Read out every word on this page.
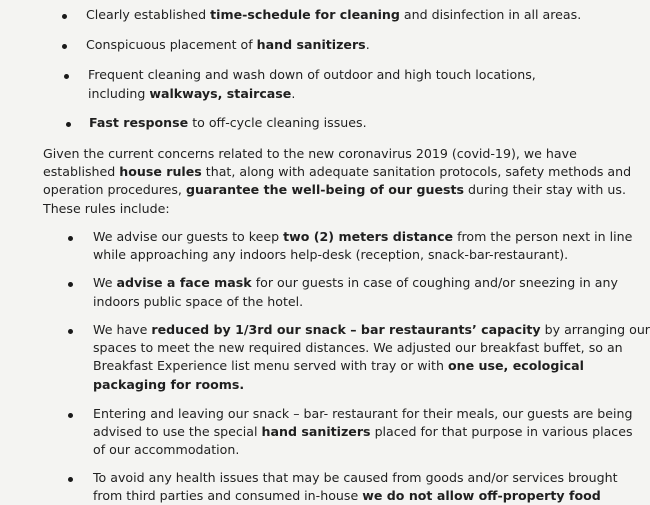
Clearly established time-schedule for cleaning and disinfection in all areas.
Conspicuous placement of hand sanitizers.
Frequent cleaning and wash down of outdoor and high touch locations,
including walkways, staircase.
Fast response to off-cycle cleaning issues.
Given the current concerns related to the new coronavirus 2019 (covid-19), we have
established house rules that, along with adequate sanitation protocols, safety methods and
operation procedures, guarantee the well-being of our guests during their stay with us.
These rules include:
We advise our guests to keep two (2) meters distance from the person next in line
while approaching any indoors help-desk (reception, snack-bar-restaurant).
We advise a face mask for our guests in case of coughing and/or sneezing in any
indoors public space of the hotel.
We have reduced by 1/3rd our snack – bar restaurants’ capacity by arranging our
spaces to meet the new required distances. We adjusted our breakfast buffet, so an
Breakfast Experience list menu served with tray or with one use, ecological
packaging for rooms.
Entering and leaving our snack – bar- restaurant for their meals, our guests are being
advised to use the special hand sanitizers placed for that purpose in various places
of our accommodation.
To avoid any health issues that may be caused from goods and/or services brought
from third parties and consumed in-house we do not allow off-property food
